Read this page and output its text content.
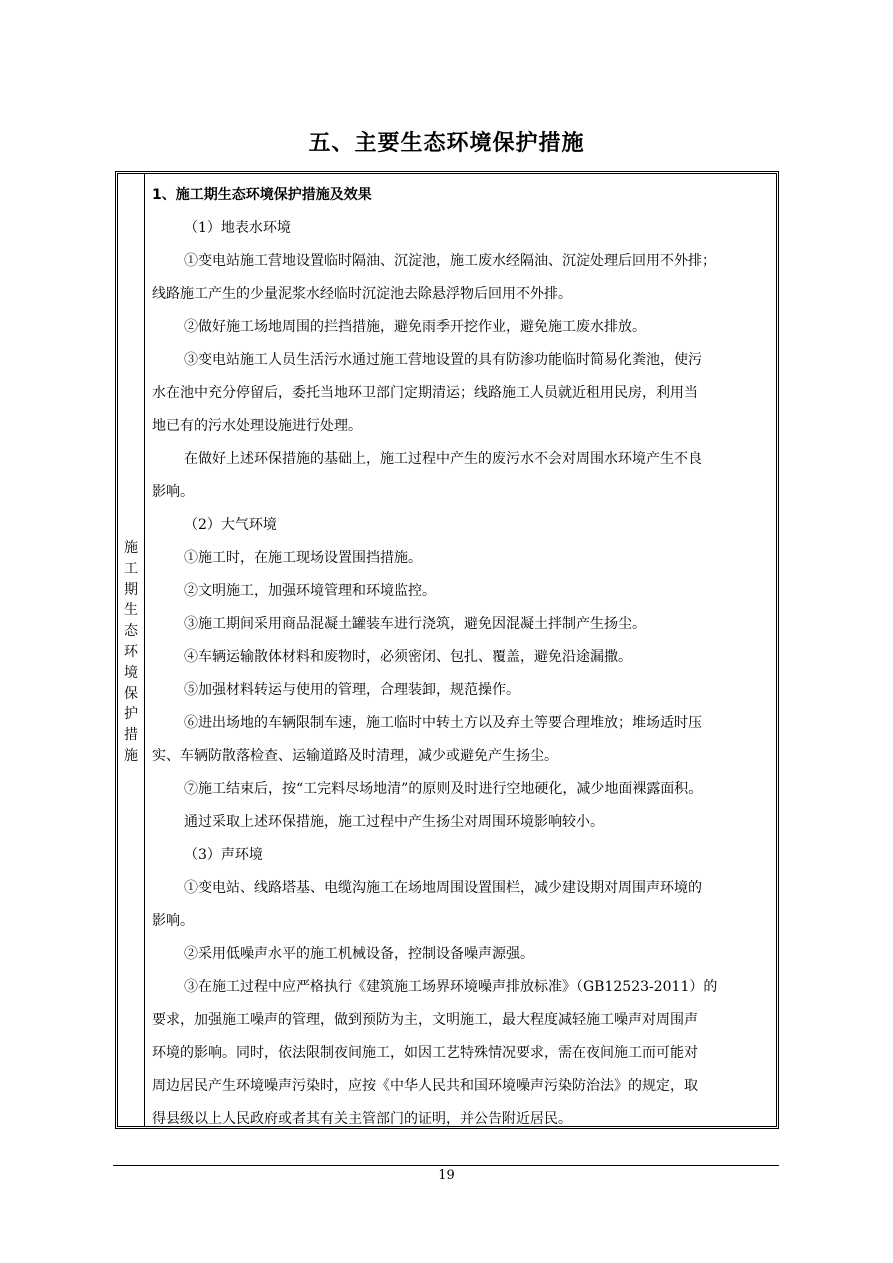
五、主要生态环境保护措施
施
工
期
生
态
环
境
保
护
措
施
1、施工期生态环境保护措施及效果
（1）地表水环境
①变电站施工营地设置临时隔油、沉淀池，施工废水经隔油、沉淀处理后回用不外排；
线路施工产生的少量泥浆水经临时沉淀池去除悬浮物后回用不外排。
②做好施工场地周围的拦挡措施，避免雨季开挖作业，避免施工废水排放。
③变电站施工人员生活污水通过施工营地设置的具有防渗功能临时简易化粪池，使污
水在池中充分停留后，委托当地环卫部门定期清运；线路施工人员就近租用民房，利用当
地已有的污水处理设施进行处理。
在做好上述环保措施的基础上，施工过程中产生的废污水不会对周围水环境产生不良
影响。
（2）大气环境
①施工时，在施工现场设置围挡措施。
②文明施工，加强环境管理和环境监控。
③施工期间采用商品混凝土罐装车进行浇筑，避免因混凝土拌制产生扬尘。
④车辆运输散体材料和废物时，必须密闭、包扎、覆盖，避免沿途漏撒。
⑤加强材料转运与使用的管理，合理装卸，规范操作。
⑥进出场地的车辆限制车速，施工临时中转土方以及弃土等要合理堆放；堆场适时压
实、车辆防散落检查、运输道路及时清理，减少或避免产生扬尘。
⑦施工结束后，按“工完料尽场地清”的原则及时进行空地硬化，减少地面裸露面积。
通过采取上述环保措施，施工过程中产生扬尘对周围环境影响较小。
（3）声环境
①变电站、线路塔基、电缆沟施工在场地周围设置围栏，减少建设期对周围声环境的
影响。
②采用低噪声水平的施工机械设备，控制设备噪声源强。
③在施工过程中应严格执行《建筑施工场界环境噪声排放标准》（GB12523-2011）的
要求，加强施工噪声的管理，做到预防为主，文明施工，最大程度减轻施工噪声对周围声
环境的影响。同时，依法限制夜间施工，如因工艺特殊情况要求，需在夜间施工而可能对
周边居民产生环境噪声污染时，应按《中华人民共和国环境噪声污染防治法》的规定，取
得县级以上人民政府或者其有关主管部门的证明，并公告附近居民。
19
